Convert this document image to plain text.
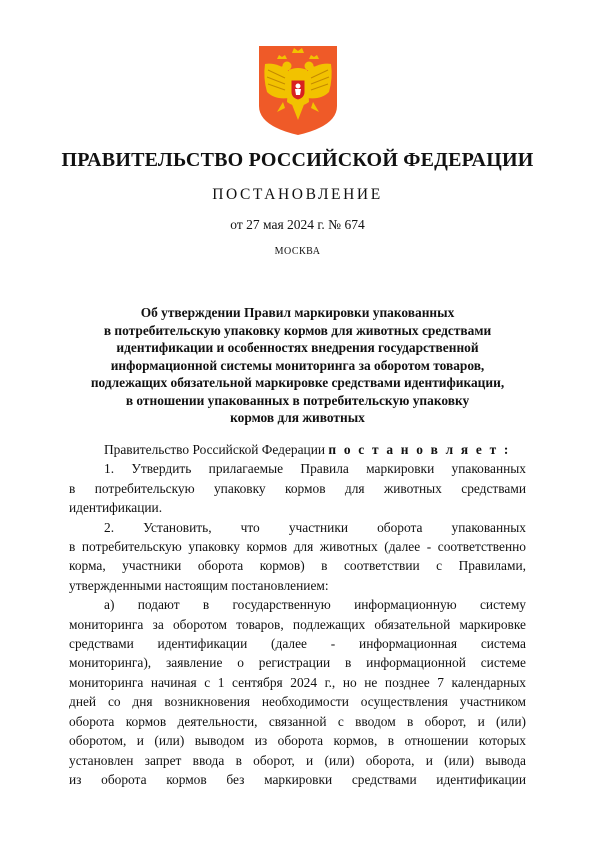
ПРАВИТЕЛЬСТВО РОССИЙСКОЙ ФЕДЕРАЦИИ
ПОСТАНОВЛЕНИЕ
от 27 мая 2024 г. № 674
МОСКВА
Об утверждении Правил маркировки упакованных
в потребительскую упаковку кормов для животных средствами
идентификации и особенностях внедрения государственной
информационной системы мониторинга за оборотом товаров,
подлежащих обязательной маркировке средствами идентификации,
в отношении упакованных в потребительскую упаковку
кормов для животных
Правительство Российской Федерации п о с т а н о в л я е т :
1. Утвердить прилагаемые Правила маркировки упакованных
в потребительскую упаковку кормов для животных средствами
идентификации.
2. Установить, что участники оборота упакованных
в потребительскую упаковку кормов для животных (далее - соответственно
корма, участники оборота кормов) в соответствии с Правилами,
утвержденными настоящим постановлением:
а) подают в государственную информационную систему
мониторинга за оборотом товаров, подлежащих обязательной маркировке
средствами идентификации (далее - информационная система
мониторинга), заявление о регистрации в информационной системе
мониторинга начиная с 1 сентября 2024 г., но не позднее 7 календарных
дней со дня возникновения необходимости осуществления участником
оборота кормов деятельности, связанной с вводом в оборот, и (или)
оборотом, и (или) выводом из оборота кормов, в отношении которых
установлен запрет ввода в оборот, и (или) оборота, и (или) вывода
из оборота кормов без маркировки средствами идентификации
